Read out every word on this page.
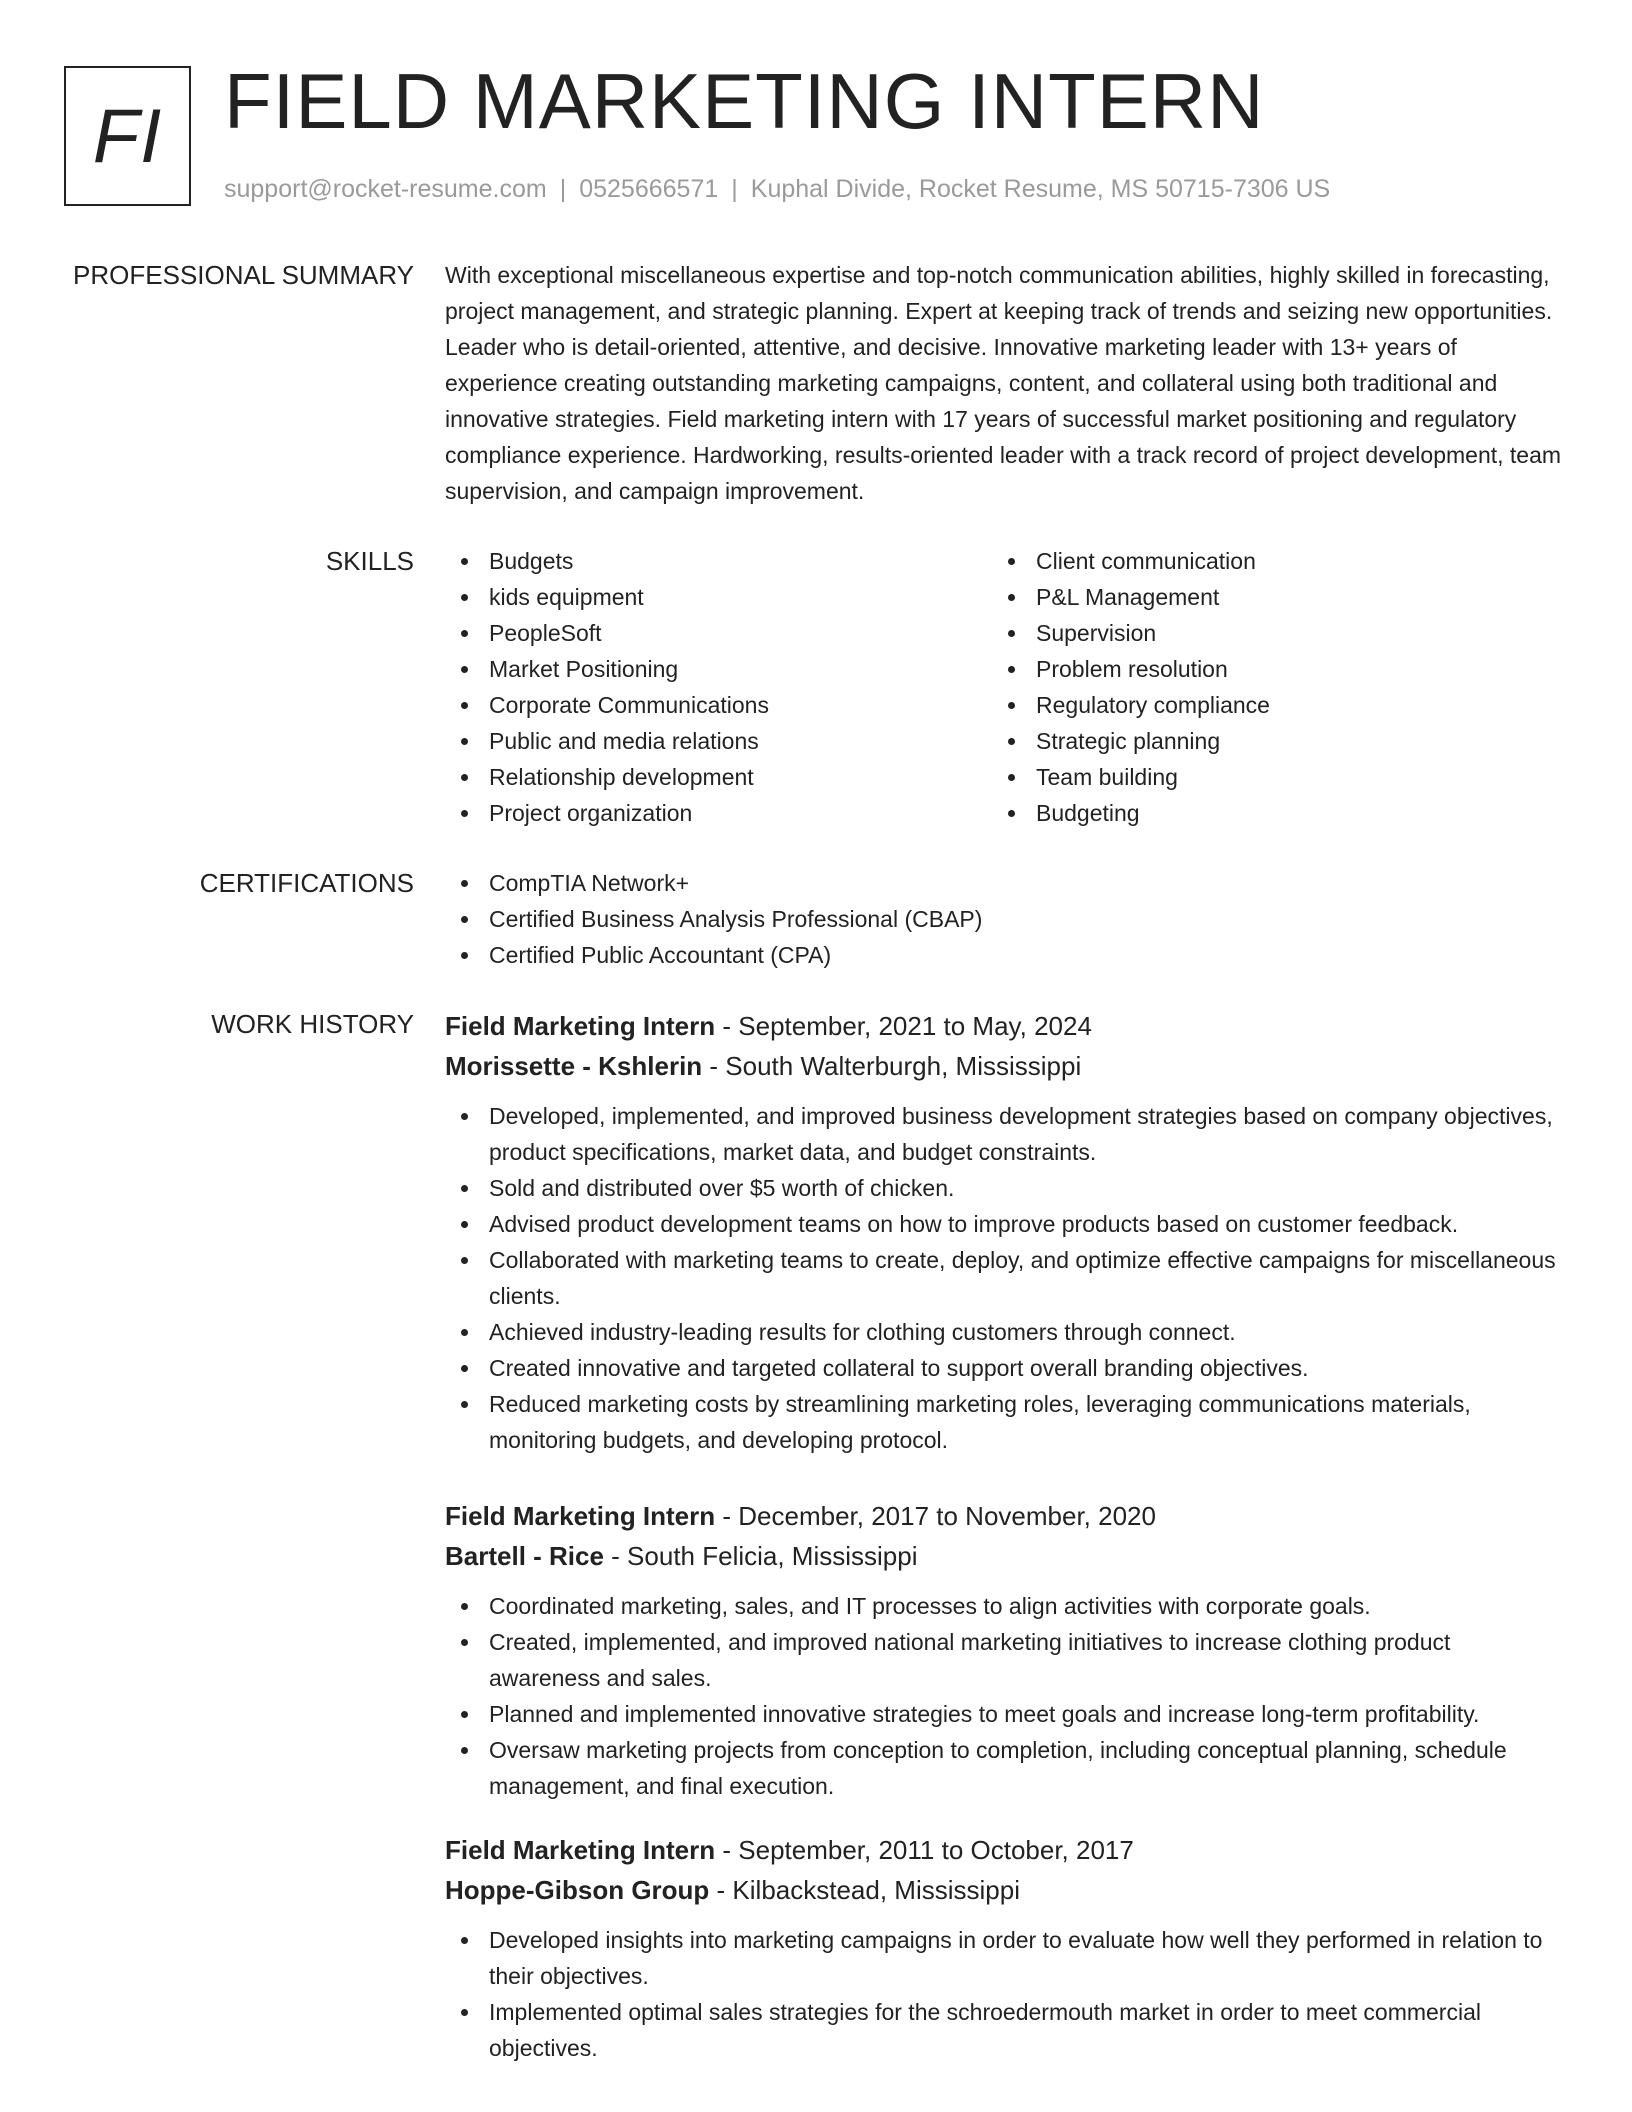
FI FIELD MARKETING INTERN
support@rocket-resume.com | 0525666571 | Kuphal Divide, Rocket Resume, MS 50715-7306 US
PROFESSIONAL SUMMARY With exceptional miscellaneous expertise and top-notch communication abilities, highly skilled in forecasting, project management, and strategic planning. Expert at keeping track of trends and seizing new opportunities. Leader who is detail-oriented, attentive, and decisive. Innovative marketing leader with 13+ years of experience creating outstanding marketing campaigns, content, and collateral using both traditional and innovative strategies. Field marketing intern with 17 years of successful market positioning and regulatory compliance experience. Hardworking, results-oriented leader with a track record of project development, team supervision, and campaign improvement.

SKILLS	Budgets
kids equipment
PeopleSoft
Market Positioning
Corporate Communications
Public and media relations
Relationship development
Project organization
Client communication
P&L Management
Supervision
Problem resolution
Regulatory compliance
Strategic planning
Team building
Budgeting
CERTIFICATIONS	CompTIA Network+
Certified Business Analysis Professional (CBAP)
Certified Public Accountant (CPA)
WORK HISTORY Field Marketing Intern - September, 2021 to May, 2024
Morissette - Kshlerin - South Walterburgh, Mississippi
Developed, implemented, and improved business development strategies based on company objectives, product specifications, market data, and budget constraints.
Sold and distributed over $5 worth of chicken.
Advised product development teams on how to improve products based on customer feedback.
Collaborated with marketing teams to create, deploy, and optimize effective campaigns for miscellaneous clients.
Achieved industry-leading results for clothing customers through connect.
Created innovative and targeted collateral to support overall branding objectives.
Reduced marketing costs by streamlining marketing roles, leveraging communications materials, monitoring budgets, and developing protocol.
Field Marketing Intern - December, 2017 to November, 2020
Bartell - Rice - South Felicia, Mississippi
Coordinated marketing, sales, and IT processes to align activities with corporate goals.
Created, implemented, and improved national marketing initiatives to increase clothing product awareness and sales.
Planned and implemented innovative strategies to meet goals and increase long-term profitability.
Oversaw marketing projects from conception to completion, including conceptual planning, schedule management, and final execution.
Field Marketing Intern - September, 2011 to October, 2017
Hoppe-Gibson Group - Kilbackstead, Mississippi
Developed insights into marketing campaigns in order to evaluate how well they performed in relation to their objectives.
Implemented optimal sales strategies for the schroedermouth market in order to meet commercial objectives.
